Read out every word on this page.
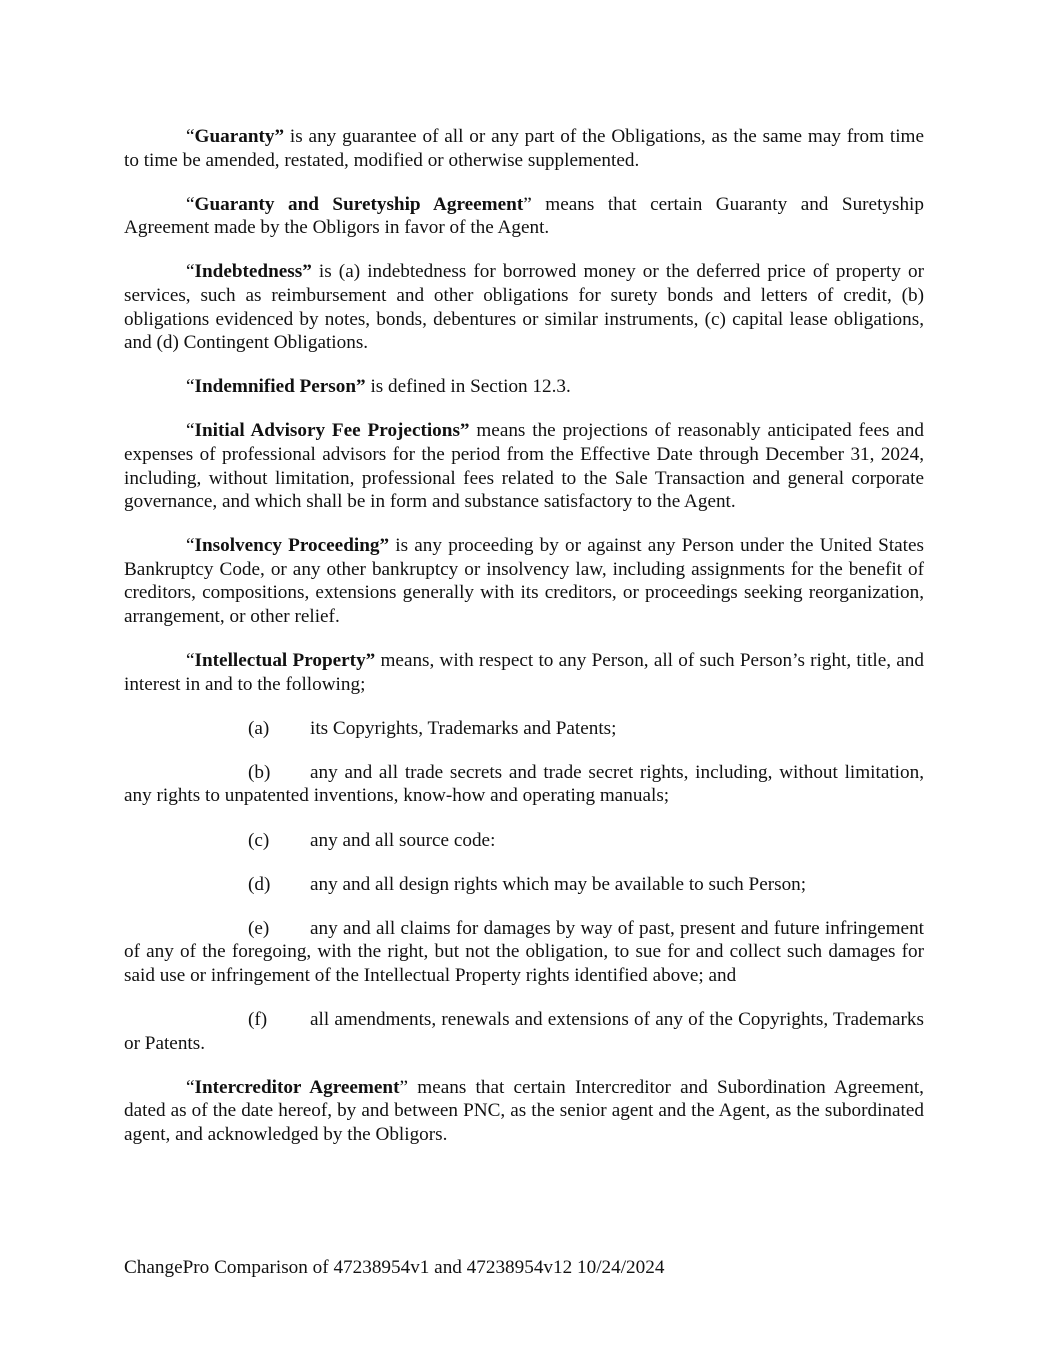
“Guaranty” is any guarantee of all or any part of the Obligations, as the same may from time to time be amended, restated, modified or otherwise supplemented.

“Guaranty and Suretyship Agreement” means that certain Guaranty and Suretyship Agreement made by the Obligors in favor of the Agent.

“Indebtedness” is (a) indebtedness for borrowed money or the deferred price of property or services, such as reimbursement and other obligations for surety bonds and letters of credit, (b) obligations evidenced by notes, bonds, debentures or similar instruments, (c) capital lease obligations, and (d) Contingent Obligations.

“Indemnified Person” is defined in Section 12.3.

“Initial Advisory Fee Projections” means the projections of reasonably anticipated fees and expenses of professional advisors for the period from the Effective Date through December 31, 2024, including, without limitation, professional fees related to the Sale Transaction and general corporate governance, and which shall be in form and substance satisfactory to the Agent.

“Insolvency Proceeding” is any proceeding by or against any Person under the United States Bankruptcy Code, or any other bankruptcy or insolvency law, including assignments for the benefit of creditors, compositions, extensions generally with its creditors, or proceedings seeking reorganization, arrangement, or other relief.

“Intellectual Property” means, with respect to any Person, all of such Person’s right, title, and interest in and to the following;

(a) its Copyrights, Trademarks and Patents;

(b) any and all trade secrets and trade secret rights, including, without limitation, any rights to unpatented inventions, know-how and operating manuals;

(c) any and all source code:

(d) any and all design rights which may be available to such Person;

(e) any and all claims for damages by way of past, present and future infringement of any of the foregoing, with the right, but not the obligation, to sue for and collect such damages for said use or infringement of the Intellectual Property rights identified above; and

(f) all amendments, renewals and extensions of any of the Copyrights, Trademarks or Patents.

“Intercreditor Agreement” means that certain Intercreditor and Subordination Agreement, dated as of the date hereof, by and between PNC, as the senior agent and the Agent, as the subordinated agent, and acknowledged by the Obligors.

ChangePro Comparison of 47238954v1 and 47238954v12 10/24/2024
